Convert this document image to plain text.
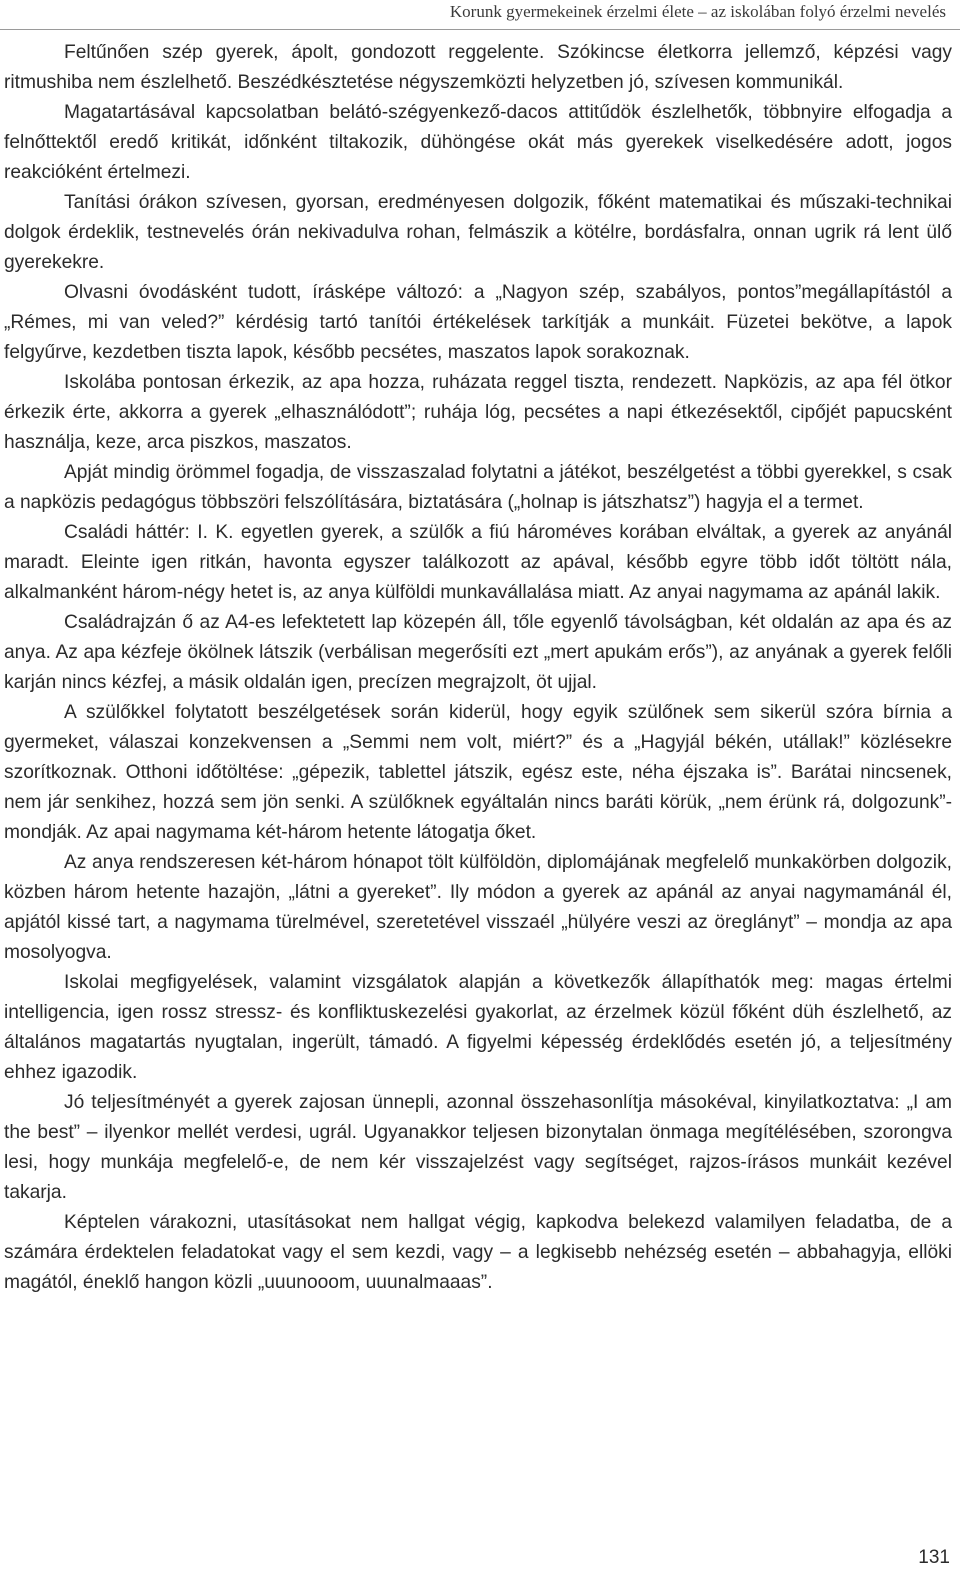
Korunk gyermekeinek érzelmi élete – az iskolában folyó érzelmi nevelés

Feltűnően szép gyerek, ápolt, gondozott reggelente. Szókincse életkorra jellemző, képzési vagy ritmushiba nem észlelhető. Beszédkésztetése négyszemközti helyzetben jó, szívesen kommunikál.

Magatartásával kapcsolatban belátó-szégyenkező-dacos attitűdök észlelhetők, többnyire elfogadja a felnőttektől eredő kritikát, időnként tiltakozik, dühöngése okát más gyerekek viselkedésére adott, jogos reakcióként értelmezi.

Tanítási órákon szívesen, gyorsan, eredményesen dolgozik, főként matematikai és műszaki-technikai dolgok érdeklik, testnevelés órán nekivadulva rohan, felmászik a kötélre, bordásfalra, onnan ugrik rá lent ülő gyerekekre.

Olvasni óvodásként tudott, írásképe változó: a „Nagyon szép, szabályos, pontos”megállapítástól a „Rémes, mi van veled?” kérdésig tartó tanítói értékelések tarkítják a munkáit. Füzetei bekötve, a lapok felgyűrve, kezdetben tiszta lapok, később pecsétes, maszatos lapok sorakoznak.

Iskolába pontosan érkezik, az apa hozza, ruházata reggel tiszta, rendezett. Napközis, az apa fél ötkor érkezik érte, akkorra a gyerek „elhasználódott”; ruhája lóg, pecsétes a napi étkezésektől, cipőjét papucsként használja, keze, arca piszkos, maszatos.

Apját mindig örömmel fogadja, de visszaszalad folytatni a játékot, beszélgetést a többi gyerekkel, s csak a napközis pedagógus többszöri felszólítására, biztatására („holnap is játszhatsz”) hagyja el a termet.

Családi háttér: I. K. egyetlen gyerek, a szülők a fiú hároméves korában elváltak, a gyerek az anyánál maradt. Eleinte igen ritkán, havonta egyszer találkozott az apával, később egyre több időt töltött nála, alkalmanként három-négy hetet is, az anya külföldi munkavállalása miatt. Az anyai nagymama az apánál lakik.

Családrajzán ő az A4-es lefektetett lap közepén áll, tőle egyenlő távolságban, két oldalán az apa és az anya. Az apa kézfeje ökölnek látszik (verbálisan megerősíti ezt „mert apukám erős”), az anyának a gyerek felőli karján nincs kézfej, a másik oldalán igen, precízen megrajzolt, öt ujjal.

A szülőkkel folytatott beszélgetések során kiderül, hogy egyik szülőnek sem sikerül szóra bírnia a gyermeket, válaszai konzekvensen a „Semmi nem volt, miért?” és a „Hagyjál békén, utállak!” közlésekre szorítkoznak. Otthoni időtöltése: „gépezik, tablettel játszik, egész este, néha éjszaka is”. Barátai nincsenek, nem jár senkihez, hozzá sem jön senki. A szülőknek egyáltalán nincs baráti körük, „nem érünk rá, dolgozunk”- mondják. Az apai nagymama két-három hetente látogatja őket.

Az anya rendszeresen két-három hónapot tölt külföldön, diplomájának megfelelő munkakörben dolgozik, közben három hetente hazajön, „látni a gyereket”. Ily módon a gyerek az apánál az anyai nagymamánál él, apjától kissé tart, a nagymama türelmével, szeretetével visszaél „hülyére veszi az öreglányt” – mondja az apa mosolyogva.

Iskolai megfigyelések, valamint vizsgálatok alapján a következők állapíthatók meg: magas értelmi intelligencia, igen rossz stressz- és konfliktuskezelési gyakorlat, az érzelmek közül főként düh észlelhető, az általános magatartás nyugtalan, ingerült, támadó. A figyelmi képesség érdeklődés esetén jó, a teljesítmény ehhez igazodik.

Jó teljesítményét a gyerek zajosan ünnepli, azonnal összehasonlítja másokéval, kinyilatkoztatva: „I am the best” – ilyenkor mellét verdesi, ugrál. Ugyanakkor teljesen bizonytalan önmaga megítélésében, szorongva lesi, hogy munkája megfelelő-e, de nem kér visszajelzést vagy segítséget, rajzos-írásos munkáit kezével takarja.

Képtelen várakozni, utasításokat nem hallgat végig, kapkodva belekezd valamilyen feladatba, de a számára érdektelen feladatokat vagy el sem kezdi, vagy – a legkisebb nehézség esetén – abbahagyja, ellöki magától, éneklő hangon közli „uuunooom, uuunalmaaas”.

131
